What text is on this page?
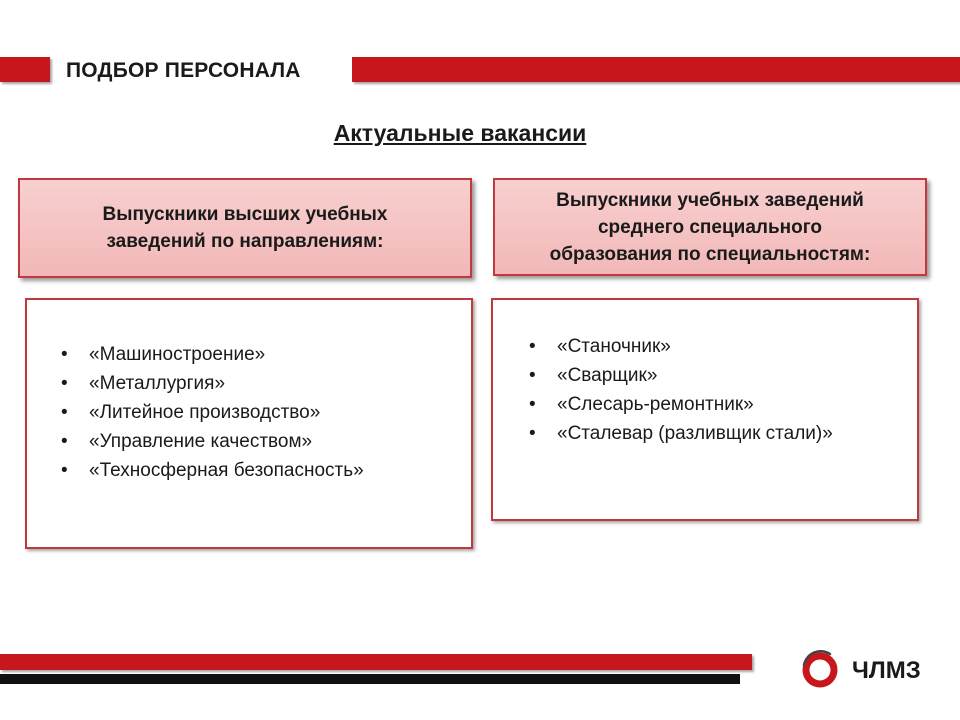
ПОДБОР ПЕРСОНАЛА
Актуальные вакансии
Выпускники высших учебных
заведений по направлениям:
Выпускники учебных заведений
среднего специального
образования по специальностям:
• «Машиностроение»
• «Металлургия»
• «Литейное производство»
• «Управление качеством»
• «Техносферная безопасность»
• «Станочник»
• «Сварщик»
• «Слесарь-ремонтник»
• «Сталевар (разливщик стали)»
ЧЛМЗ
